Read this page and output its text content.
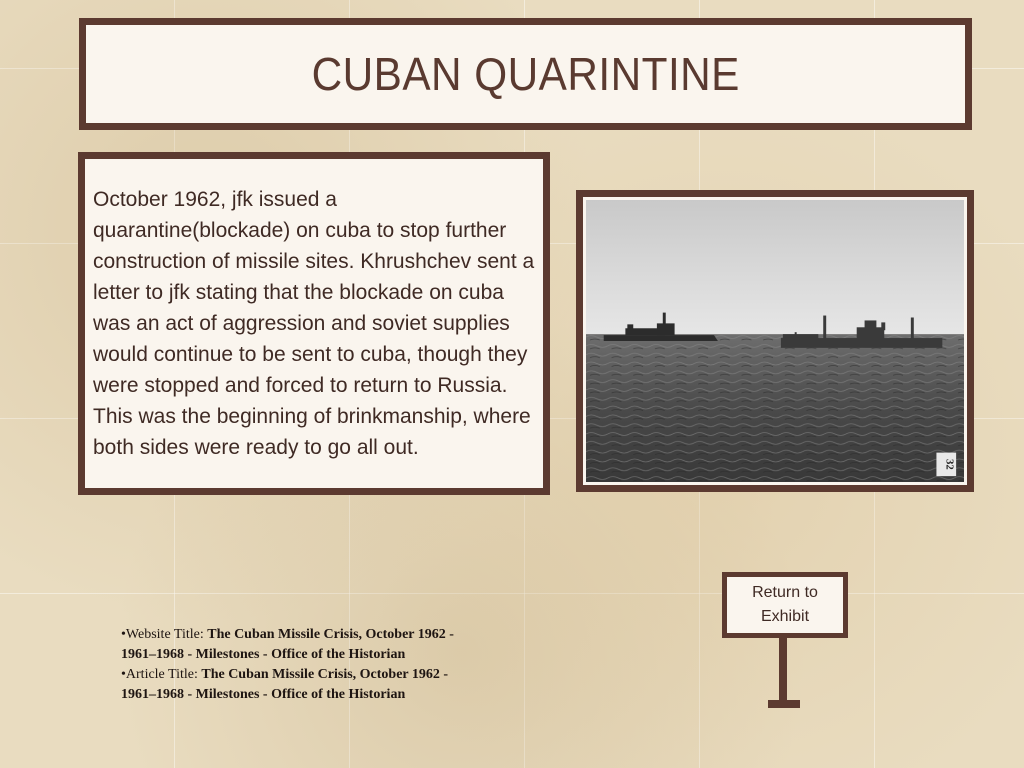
CUBAN QUARINTINE

October 1962, jfk issued a quarantine(blockade) on cuba to stop further construction of missile sites. Khrushchev sent a letter to jfk stating that the blockade on cuba was an act of aggression and soviet supplies would continue to be sent to cuba, though they were stopped and forced to return to Russia. This was the beginning of brinkmanship, where both sides were ready to go all out.

32
Return to
Exhibit

•Website Title: The Cuban Missile Crisis, October 1962 - 1961–1968 - Milestones - Office of the Historian

•Article Title: The Cuban Missile Crisis, October 1962 - 1961–1968 - Milestones - Office of the Historian
